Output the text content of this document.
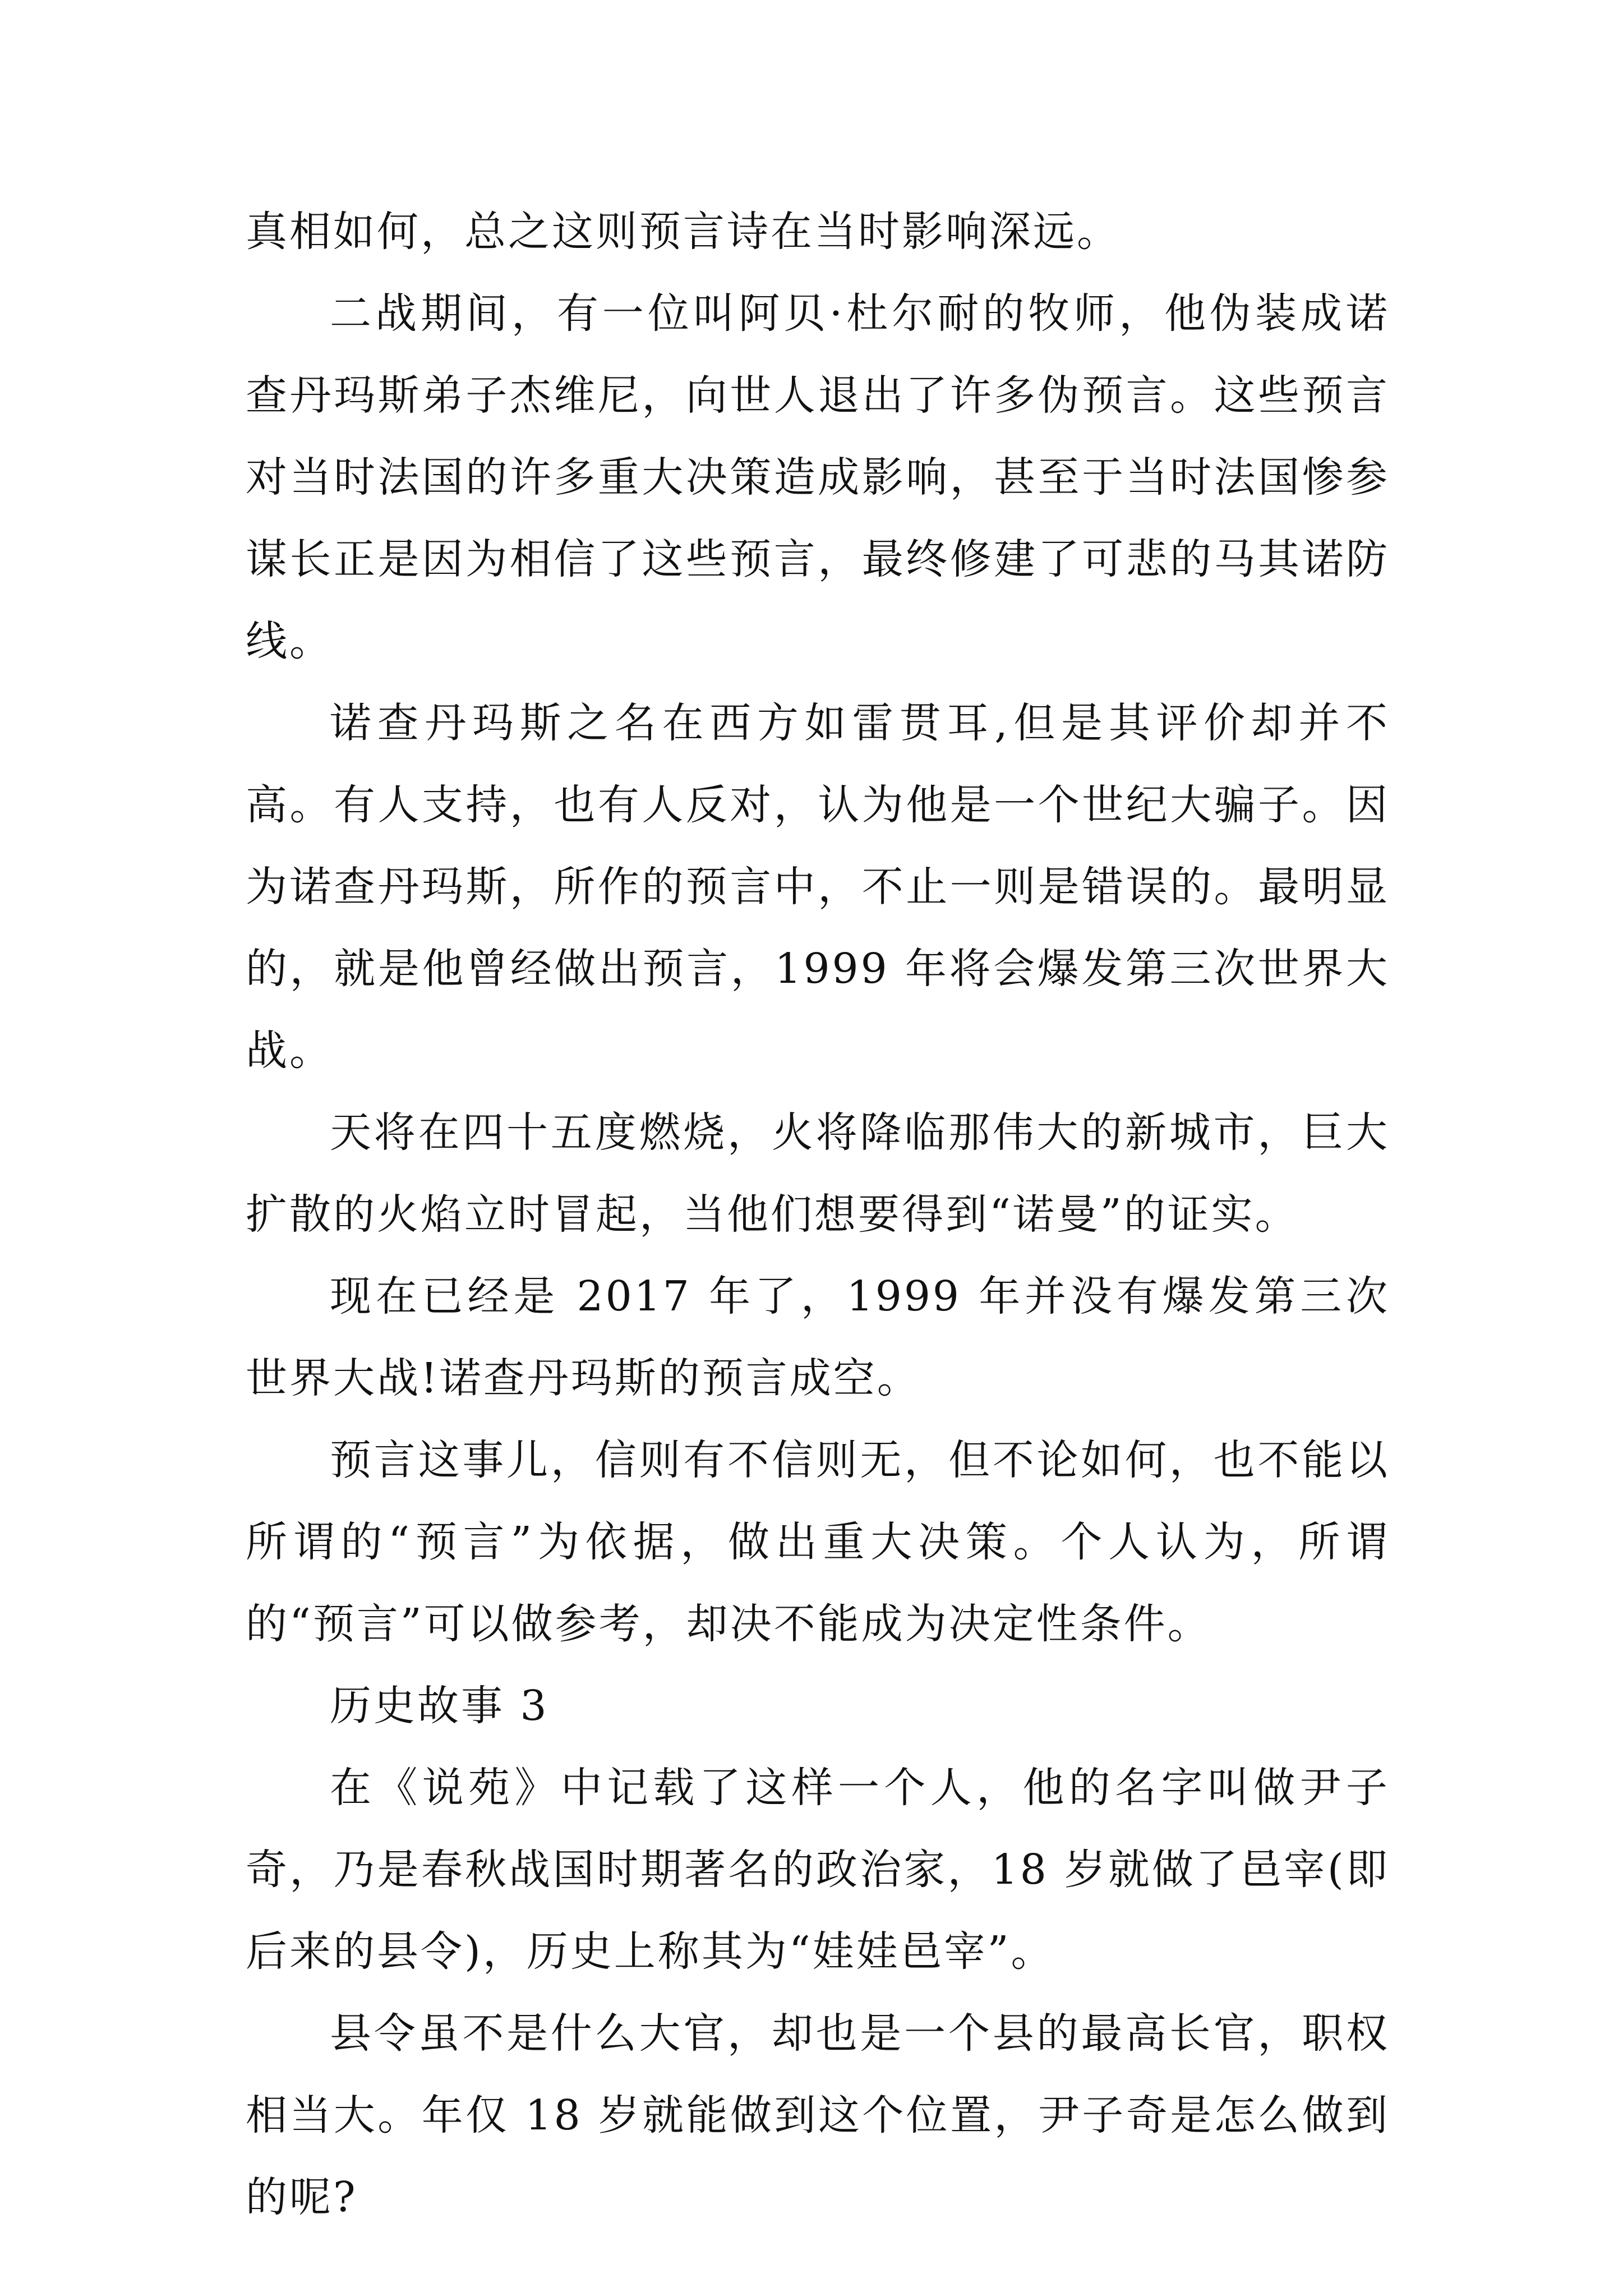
真相如何，总之这则预言诗在当时影响深远。

二战期间，有一位叫阿贝·杜尔耐的牧师，他伪装成诺查丹玛斯弟子杰维尼，向世人退出了许多伪预言。这些预言对当时法国的许多重大决策造成影响，甚至于当时法国惨参谋长正是因为相信了这些预言，最终修建了可悲的马其诺防线。

诺查丹玛斯之名在西方如雷贯耳,但是其评价却并不高。有人支持，也有人反对，认为他是一个世纪大骗子。因为诺查丹玛斯，所作的预言中，不止一则是错误的。最明显的，就是他曾经做出预言，1999 年将会爆发第三次世界大战。

天将在四十五度燃烧，火将降临那伟大的新城市，巨大扩散的火焰立时冒起，当他们想要得到“诺曼”的证实。

现在已经是 2017 年了，1999 年并没有爆发第三次世界大战!诺查丹玛斯的预言成空。

预言这事儿，信则有不信则无，但不论如何，也不能以所谓的“预言”为依据，做出重大决策。个人认为，所谓的“预言”可以做参考，却决不能成为决定性条件。

历史故事 3

在《说苑》中记载了这样一个人，他的名字叫做尹子奇，乃是春秋战国时期著名的政治家，18 岁就做了邑宰(即后来的县令)，历史上称其为“娃娃邑宰”。

县令虽不是什么大官，却也是一个县的最高长官，职权相当大。年仅 18 岁就能做到这个位置，尹子奇是怎么做到的呢?
